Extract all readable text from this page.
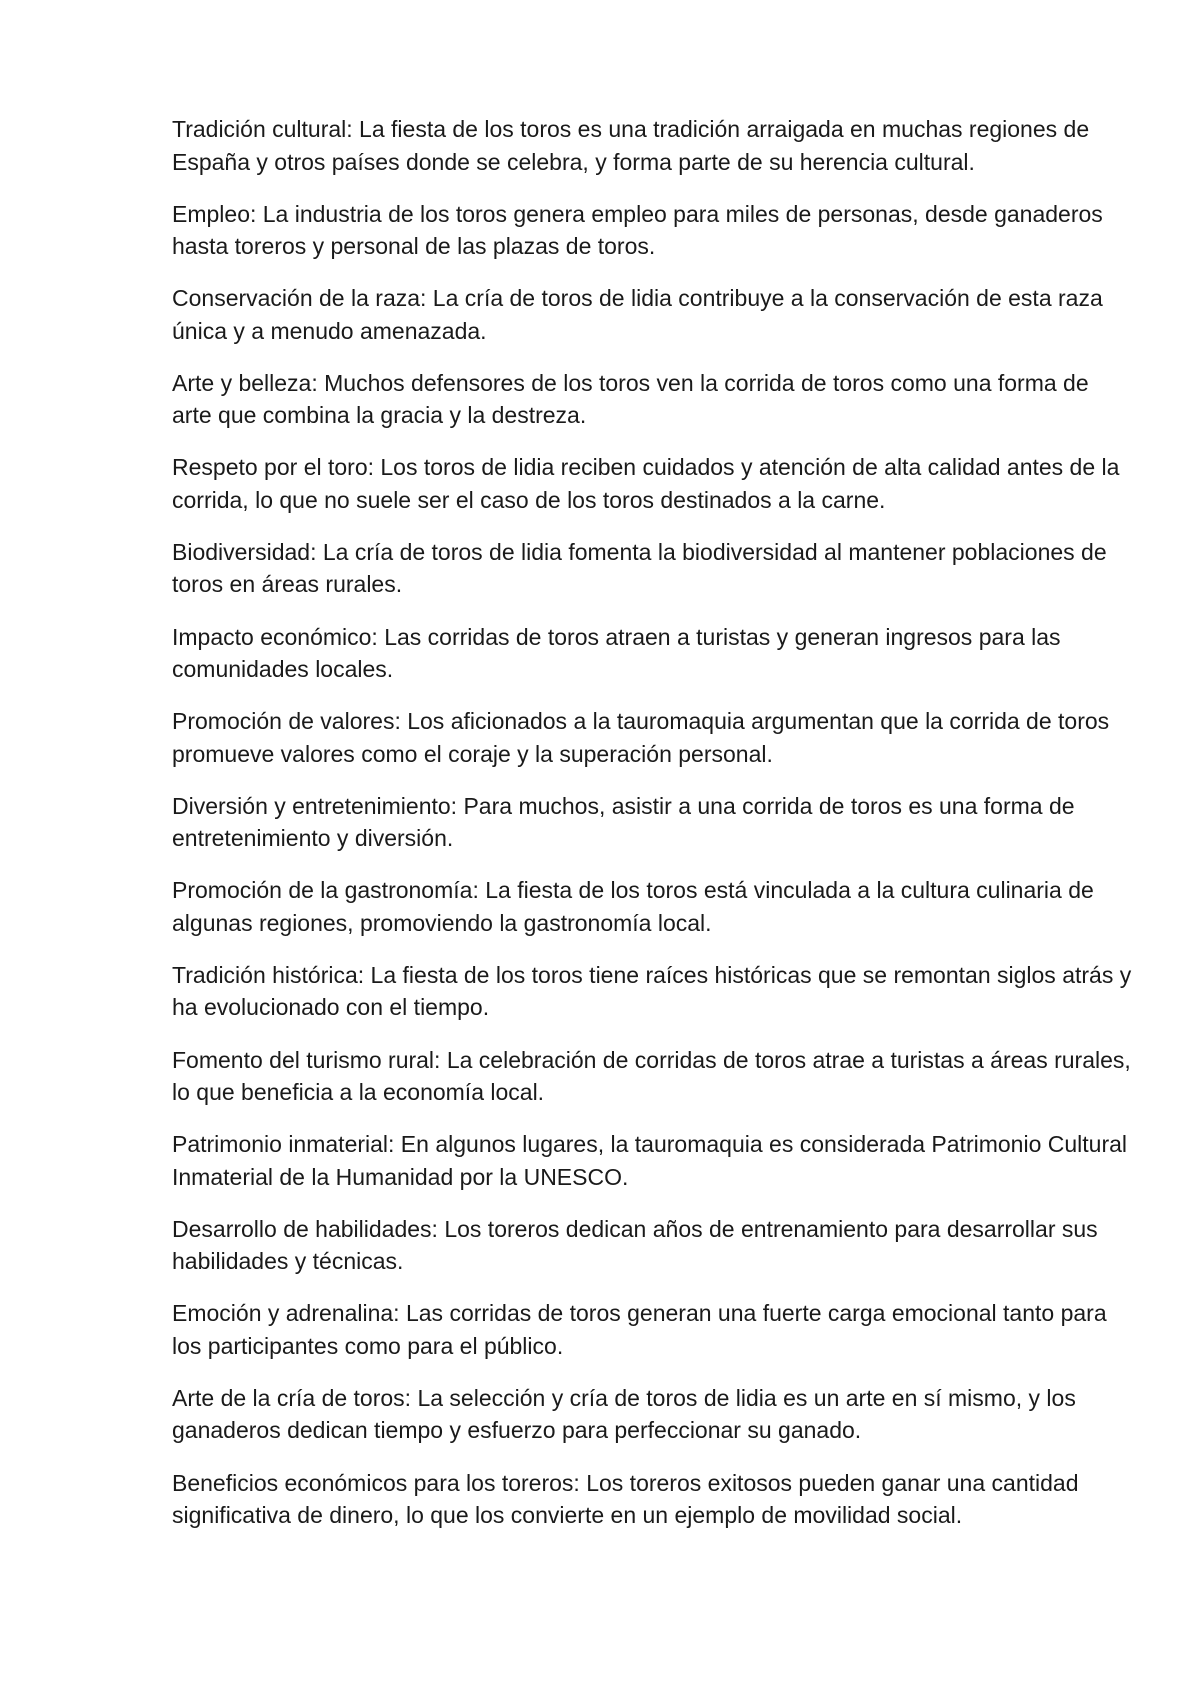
Tradición cultural: La fiesta de los toros es una tradición arraigada en muchas regiones de España y otros países donde se celebra, y forma parte de su herencia cultural.

Empleo: La industria de los toros genera empleo para miles de personas, desde ganaderos hasta toreros y personal de las plazas de toros.

Conservación de la raza: La cría de toros de lidia contribuye a la conservación de esta raza única y a menudo amenazada.

Arte y belleza: Muchos defensores de los toros ven la corrida de toros como una forma de arte que combina la gracia y la destreza.

Respeto por el toro: Los toros de lidia reciben cuidados y atención de alta calidad antes de la corrida, lo que no suele ser el caso de los toros destinados a la carne.

Biodiversidad: La cría de toros de lidia fomenta la biodiversidad al mantener poblaciones de toros en áreas rurales.

Impacto económico: Las corridas de toros atraen a turistas y generan ingresos para las comunidades locales.

Promoción de valores: Los aficionados a la tauromaquia argumentan que la corrida de toros promueve valores como el coraje y la superación personal.

Diversión y entretenimiento: Para muchos, asistir a una corrida de toros es una forma de entretenimiento y diversión.

Promoción de la gastronomía: La fiesta de los toros está vinculada a la cultura culinaria de algunas regiones, promoviendo la gastronomía local.

Tradición histórica: La fiesta de los toros tiene raíces históricas que se remontan siglos atrás y ha evolucionado con el tiempo.

Fomento del turismo rural: La celebración de corridas de toros atrae a turistas a áreas rurales, lo que beneficia a la economía local.

Patrimonio inmaterial: En algunos lugares, la tauromaquia es considerada Patrimonio Cultural Inmaterial de la Humanidad por la UNESCO.

Desarrollo de habilidades: Los toreros dedican años de entrenamiento para desarrollar sus habilidades y técnicas.

Emoción y adrenalina: Las corridas de toros generan una fuerte carga emocional tanto para los participantes como para el público.

Arte de la cría de toros: La selección y cría de toros de lidia es un arte en sí mismo, y los ganaderos dedican tiempo y esfuerzo para perfeccionar su ganado.

Beneficios económicos para los toreros: Los toreros exitosos pueden ganar una cantidad significativa de dinero, lo que los convierte en un ejemplo de movilidad social.
